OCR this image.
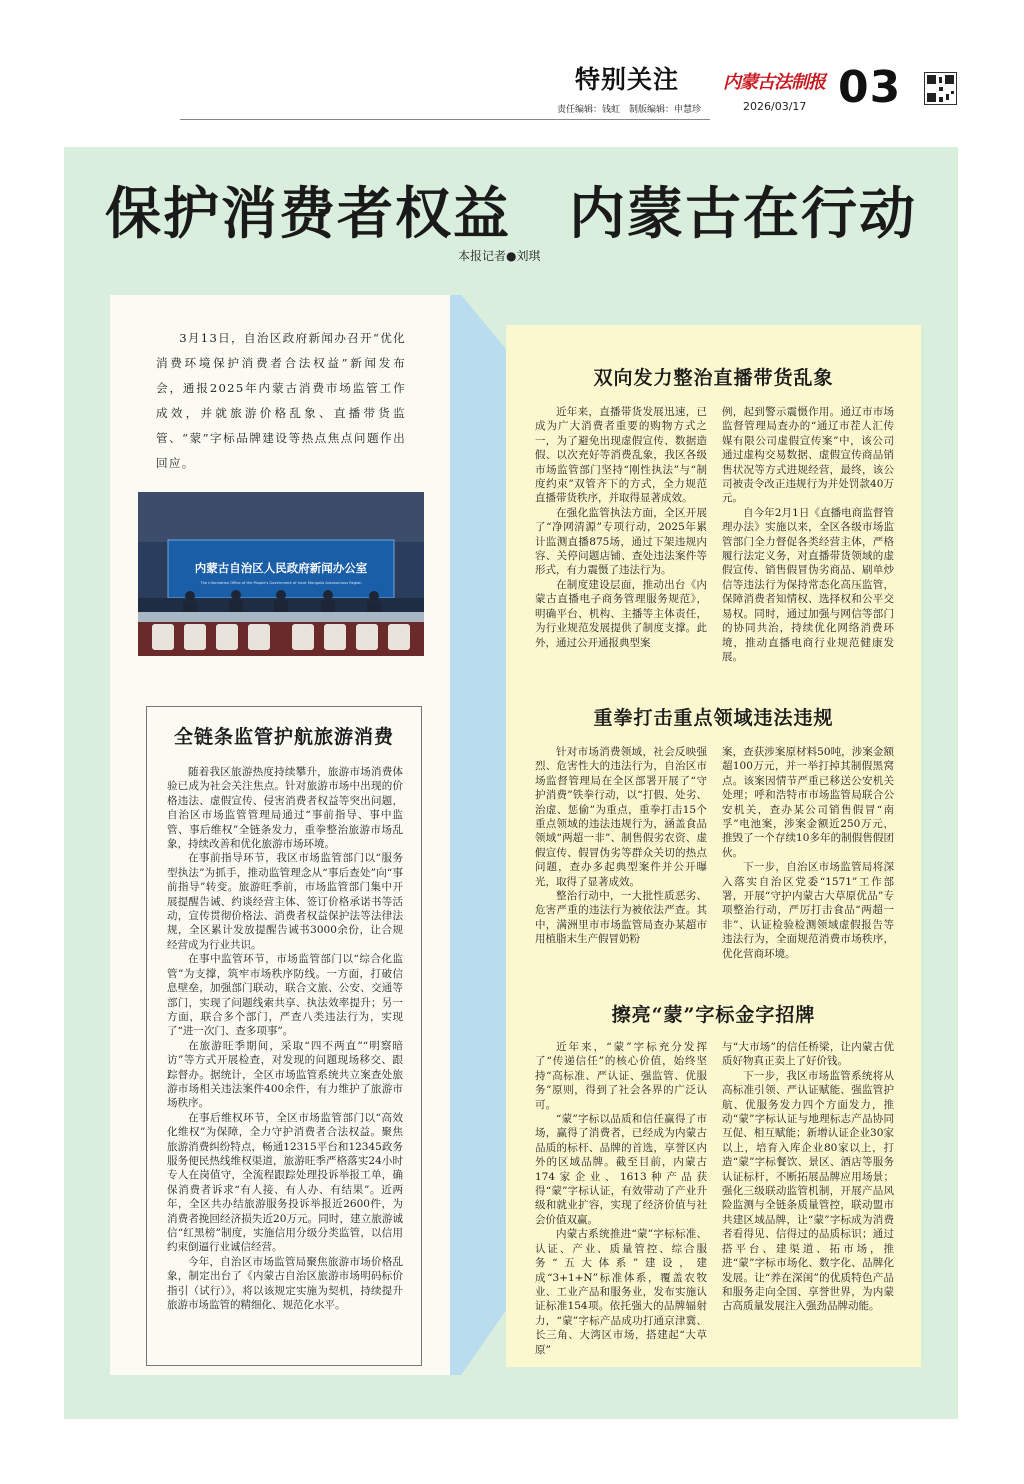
特别关注
责任编辑：钱虹　制版编辑：申慧珍
内蒙古法制报
2026/03/17 03
保护消费者权益　内蒙古在行动
本报记者●刘琪
3月13日，自治区政府新闻办召开“优化消费环境保护消费者合法权益”新闻发布会，通报2025年内蒙古消费市场监管工作成效，并就旅游价格乱象、直播带货监管、“蒙”字标品牌建设等热点焦点问题作出回应。
内蒙古自治区人民政府新闻办公室
The Information Office of the People's Government of Inner Mongolia Autonomous Region
全链条监管护航旅游消费

随着我区旅游热度持续攀升，旅游市场消费体验已成为社会关注焦点。针对旅游市场中出现的价格违法、虚假宣传、侵害消费者权益等突出问题，自治区市场监管管理局通过“事前指导、事中监管、事后维权”全链条发力，重拳整治旅游市场乱象，持续改善和优化旅游市场环境。

在事前指导环节，我区市场监管部门以“服务型执法”为抓手，推动监管理念从“事后查处”向“事前指导”转变。旅游旺季前，市场监管部门集中开展提醒告诫、约谈经营主体、签订价格承诺书等活动，宣传贯彻价格法、消费者权益保护法等法律法规，全区累计发放提醒告诫书3000余份，让合规经营成为行业共识。

在事中监管环节，市场监管部门以“综合化监管”为支撑，筑牢市场秩序防线。一方面，打破信息壁垒，加强部门联动，联合文旅、公安、交通等部门，实现了问题线索共享、执法效率提升；另一方面，联合多个部门，严查八类违法行为，实现了“进一次门、查多项事”。

在旅游旺季期间，采取“四不两直”“明察暗访”等方式开展检查，对发现的问题现场移交、跟踪督办。据统计，全区市场监管系统共立案查处旅游市场相关违法案件400余件，有力维护了旅游市场秩序。

在事后维权环节，全区市场监管部门以“高效化维权”为保障，全力守护消费者合法权益。聚焦旅游消费纠纷特点，畅通12315平台和12345政务服务便民热线维权渠道，旅游旺季严格落实24小时专人在岗值守，全流程跟踪处理投诉举报工单，确保消费者诉求“有人接、有人办、有结果”。近两年，全区共办结旅游服务投诉举报近2600件，为消费者挽回经济损失近20万元。同时，建立旅游诚信“红黑榜”制度，实施信用分级分类监管，以信用约束倒逼行业诚信经营。

今年，自治区市场监管局聚焦旅游市场价格乱象，制定出台了《内蒙古自治区旅游市场明码标价指引（试行）》，将以该规定实施为契机，持续提升旅游市场监管的精细化、规范化水平。

双向发力整治直播带货乱象

近年来，直播带货发展迅速，已成为广大消费者重要的购物方式之一，为了避免出现虚假宣传、数据造假、以次充好等消费乱象，我区各级市场监管部门坚持“刚性执法”与“制度约束”双管齐下的方式，全力规范直播带货秩序，并取得显著成效。

在强化监管执法方面，全区开展了“净网清源”专项行动，2025年累计监测直播875场，通过下架违规内容、关停问题店铺、查处违法案件等形式，有力震慑了违法行为。

在制度建设层面，推动出台《内蒙古直播电子商务管理服务规范》，明确平台、机构、主播等主体责任，为行业规范发展提供了制度支撑。此外，通过公开通报典型案

例，起到警示震慑作用。通辽市市场监督管理局查办的“通辽市茬人汇传媒有限公司虚假宣传案”中，该公司通过虚构交易数据、虚假宣传商品销售状况等方式进规经营，最终，该公司被责令改正违规行为并处罚款40万元。

自今年2月1日《直播电商监督管理办法》实施以来，全区各级市场监管部门全力督促各类经营主体，严格履行法定义务，对直播带货领域的虚假宣传、销售假冒伪劣商品、刷单炒信等违法行为保持常态化高压监管，保障消费者知情权、选择权和公平交易权。同时，通过加强与网信等部门的协同共治，持续优化网络消费环境，推动直播电商行业规范健康发展。

重拳打击重点领域违法违规

针对市场消费领域，社会反映强烈、危害性大的违法行为，自治区市场监督管理局在全区部署开展了“守护消费”铁拳行动，以“打假、处劣、治虚、惩偷”为重点，重拳打击15个重点领域的违法违规行为，涵盖食品领域“两超一非”、制售假劣农资、虚假宣传、假冒伪劣等群众关切的热点问题，查办多起典型案件并公开曝光，取得了显著成效。

整治行动中，一大批性质恶劣、危害严重的违法行为被依法严查。其中，满洲里市市场监管局查办某超市用植脂末生产假冒奶粉

案，查获涉案原材料50吨，涉案金额超100万元，并一举打掉其制假黑窝点。该案因情节严重已移送公安机关处理；呼和浩特市市场监管局联合公安机关，查办某公司销售假冒“南孚”电池案，涉案金额近250万元，推毁了一个存续10多年的制假售假团伙。

下一步，自治区市场监管局将深入落实自治区党委“1571”工作部署，开展“守护内蒙古大草原优品”专项整治行动，严厉打击食品“两超一非”、认证检验检测领域虚假报告等违法行为，全面规范消费市场秩序，优化营商环境。

擦亮“蒙”字标金字招牌

近年来，“蒙”字标充分发挥了“传递信任”的核心价值，始终坚持“高标准、严认证、强监管、优服务”原则，得到了社会各界的广泛认可。

“蒙”字标以品质和信任赢得了市场，赢得了消费者，已经成为内蒙古品质的标杆、品牌的首选，享誉区内外的区域品牌。截至目前，内蒙古174家企业、1613种产品获得“蒙”字标认证，有效带动了产业升级和就业扩容，实现了经济价值与社会价值双赢。

内蒙古系统推进“蒙”字标标准、认证、产业、质量管控、综合服务“五大体系”建设，建成“3+1+N”标准体系，覆盖农牧业、工业产品和服务业，发布实施认证标准154项。依托强大的品牌辐射力，“蒙”字标产品成功打通京津冀、长三角、大湾区市场，搭建起“大草原”

与“大市场”的信任桥梁，让内蒙古优质好物真正卖上了好价钱。

下一步，我区市场监管系统将从高标准引领、严认证赋能、强监管护航、优服务发力四个方面发力，推动“蒙”字标认证与地理标志产品协同互促、相互赋能；新增认证企业30家以上，培育入库企业80家以上，打造“蒙”字标餐饮、景区、酒店等服务认证标杆，不断拓展品牌应用场景；强化三级联动监管机制，开展产品风险监测与全链条质量管控，联动盟市共建区域品牌，让“蒙”字标成为消费者看得见、信得过的品质标识；通过搭平台、建渠道、拓市场，推进“蒙”字标市场化、数字化、品牌化发展。让“养在深闺”的优质特色产品和服务走向全国、享誉世界，为内蒙古高质量发展注入强劲品牌动能。
